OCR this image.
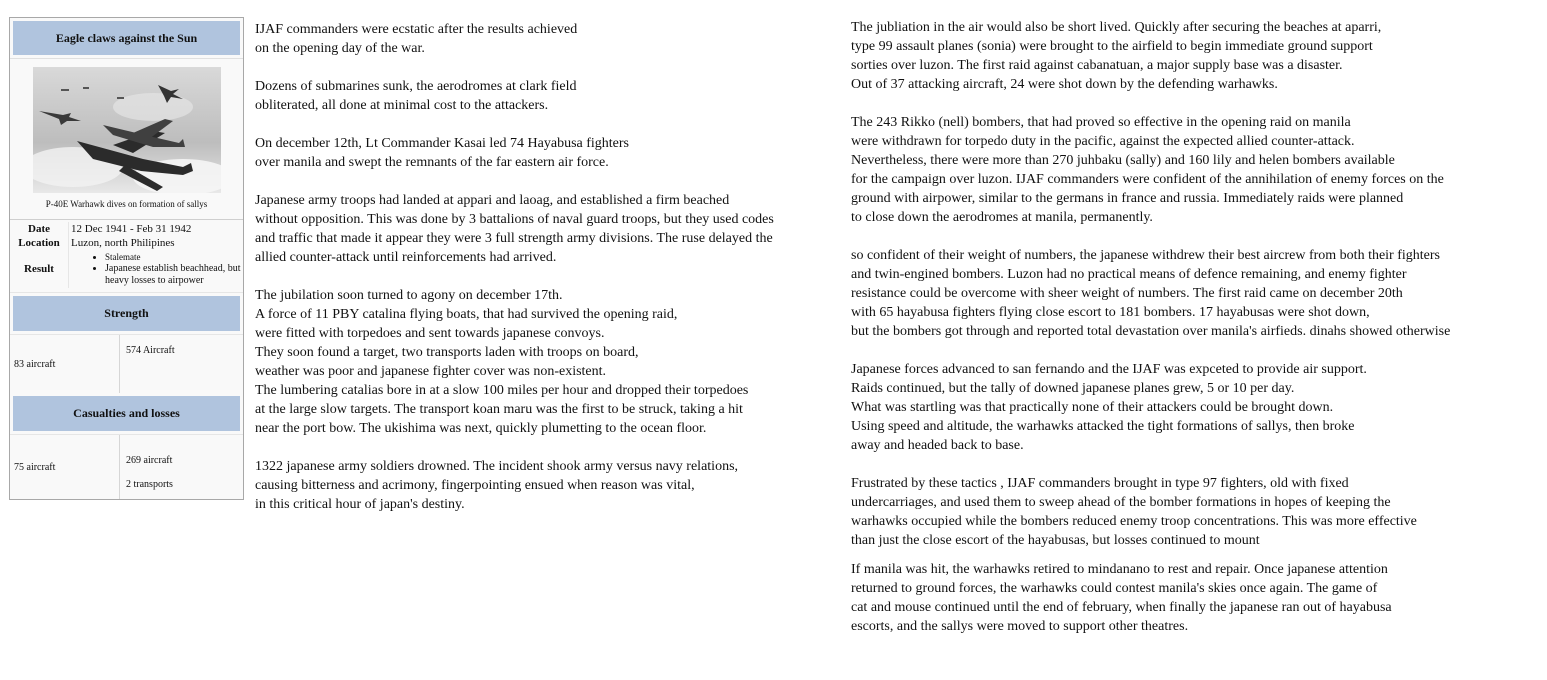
Eagle claws against the Sun
P-40E Warhawk dives on formation of sallys
Date	12 Dec 1941 - Feb 31 1942
Location	Luzon, north Philipines
Result
• Stalemate
• Japanese establish beachhead, but heavy losses to airpower
Strength
83 aircraft
574 Aircraft
Casualties and losses
75 aircraft
269 aircraft
2 transports

IJAF commanders were ecstatic after the results achieved
on the opening day of the war.

Dozens of submarines sunk, the aerodromes at clark field
obliterated, all done at minimal cost to the attackers.

On december 12th, Lt Commander Kasai led 74 Hayabusa fighters
over manila and swept the remnants of the far eastern air force.

Japanese army troops had landed at appari and laoag, and established a firm beached
without opposition. This was done by 3 battalions of naval guard troops, but they used codes
and traffic that made it appear they were 3 full strength army divisions. The ruse delayed the
allied counter-attack until reinforcements had arrived.

The jubilation soon turned to agony on december 17th.
A force of 11 PBY catalina flying boats, that had survived the opening raid,
were fitted with torpedoes and sent towards japanese convoys.
They soon found a target, two transports laden with troops on board,
weather was poor and japanese fighter cover was non-existent.
The lumbering catalias bore in at a slow 100 miles per hour and dropped their torpedoes
at the large slow targets. The transport koan maru was the first to be struck, taking a hit
near the port bow. The ukishima was next, quickly plumetting to the ocean floor.

1322 japanese army soldiers drowned. The incident shook army versus navy relations,
causing bitterness and acrimony, fingerpointing ensued when reason was vital,
in this critical hour of japan's destiny.

The jubliation in the air would also be short lived. Quickly after securing the beaches at aparri,
type 99 assault planes (sonia) were brought to the airfield to begin immediate ground support
sorties over luzon. The first raid against cabanatuan, a major supply base was a disaster.
Out of 37 attacking aircraft, 24 were shot down by the defending warhawks.

The 243 Rikko (nell) bombers, that had proved so effective in the opening raid on manila
were withdrawn for torpedo duty in the pacific, against the expected allied counter-attack.
Nevertheless, there were more than 270 juhbaku (sally) and 160 lily and helen bombers available
for the campaign over luzon. IJAF commanders were confident of the annihilation of enemy forces on the
ground with airpower, similar to the germans in france and russia. Immediately raids were planned
to close down the aerodromes at manila, permanently.

so confident of their weight of numbers, the japanese withdrew their best aircrew from both their fighters
and twin-engined bombers. Luzon had no practical means of defence remaining, and enemy fighter
resistance could be overcome with sheer weight of numbers. The first raid came on december 20th
with 65 hayabusa fighters flying close escort to 181 bombers. 17 hayabusas were shot down,
but the bombers got through and reported total devastation over manila's airfieds. dinahs showed otherwise

Japanese forces advanced to san fernando and the IJAF was expceted to provide air support.
Raids continued, but the tally of downed japanese planes grew, 5 or 10 per day.
What was startling was that practically none of their attackers could be brought down.
Using speed and altitude, the warhawks attacked the tight formations of sallys, then broke
away and headed back to base.

Frustrated by these tactics , IJAF commanders brought in type 97 fighters, old with fixed
undercarriages, and used them to sweep ahead of the bomber formations in hopes of keeping the
warhawks occupied while the bombers reduced enemy troop concentrations. This was more effective
than just the close escort of the hayabusas, but losses continued to mount

If manila was hit, the warhawks retired to mindanano to rest and repair. Once japanese attention
returned to ground forces, the warhawks could contest manila's skies once again. The game of
cat and mouse continued until the end of february, when finally the japanese ran out of hayabusa
escorts, and the sallys were moved to support other theatres.
